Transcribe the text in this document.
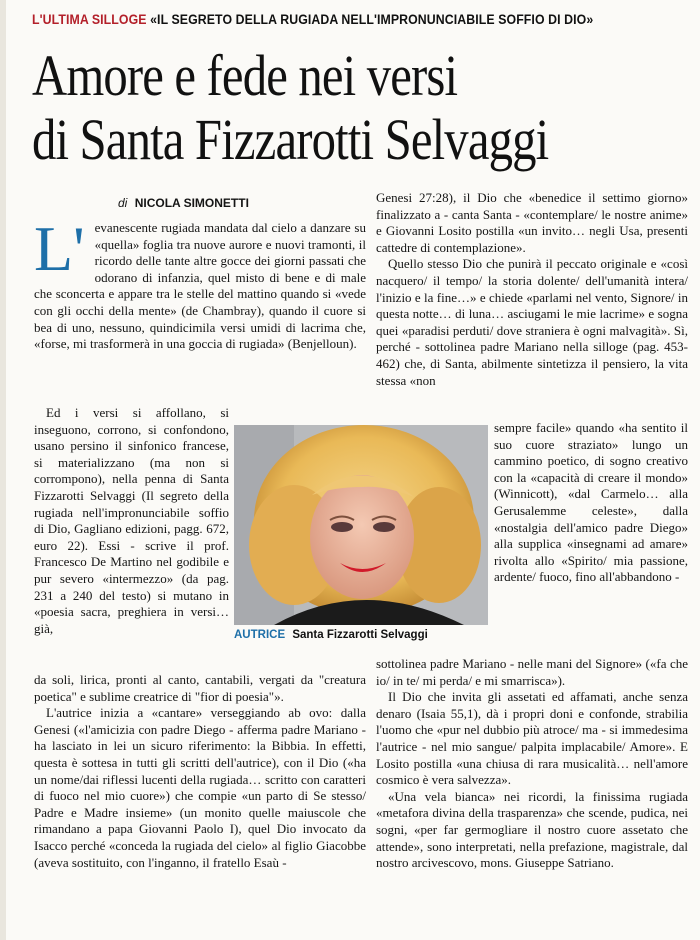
L'ULTIMA SILLOGE «IL SEGRETO DELLA RUGIADA NELL'IMPRONUNCIABILE SOFFIO DI DIO»
Amore e fede nei versi
di Santa Fizzarotti Selvaggi
di NICOLA SIMONETTI

L' evanescente rugiada mandata dal cielo a danzare su «quella» foglia tra nuove aurore e nuovi tramonti, il ricordo delle tante altre gocce dei giorni passati che odorano di infanzia, quel misto di bene e di male che sconcerta e appare tra le stelle del mattino quando si «vede con gli occhi della mente» (de Chambray), quando il cuore si bea di uno, nessuno, quindicimila versi umidi di lacrima che, «forse, mi trasformerà in una goccia di rugiada» (Benjelloun).

Ed i versi si affollano, si inseguono, corrono, si confondono, usano persino il sinfonico francese, si materializzano (ma non si corrompono), nella penna di Santa Fizzarotti Selvaggi (Il segreto della rugiada nell'impronunciabile soffio di Dio, Gagliano edizioni, pagg. 672, euro 22). Essi - scrive il prof. Francesco De Martino nel godibile e pur severo «intermezzo» (da pag. 231 a 240 del testo) si mutano in «poesia sacra, preghiera in versi… già,

da soli, lirica, pronti al canto, cantabili, vergati da "creatura poetica" e sublime creatrice di "fior di poesia"».

L'autrice inizia a «cantare» verseggiando ab ovo: dalla Genesi («l'amicizia con padre Diego - afferma padre Mariano - ha lasciato in lei un sicuro riferimento: la Bibbia. In effetti, questa è sottesa in tutti gli scritti dell'autrice), con il Dio («ha un nome/dai riflessi lucenti della rugiada… scritto con caratteri di fuoco nel mio cuore») che compie «un parto di Se stesso/ Padre e Madre insieme» (un monito quelle maiuscole che rimandano a papa Giovanni Paolo I), quel Dio invocato da Isacco perché «conceda la rugiada del cielo» al figlio Giacobbe (aveva sostituito, con l'inganno, il fratello Esaù -

AUTRICE Santa Fizzarotti Selvaggi

Genesi 27:28), il Dio che «benedice il settimo giorno» finalizzato a - canta Santa - «contemplare/ le nostre anime» e Giovanni Losito postilla «un invito… negli Usa, presenti cattedre di contemplazione».

Quello stesso Dio che punirà il peccato originale e «così nacquero/ il tempo/ la storia dolente/ dell'umanità intera/ l'inizio e la fine…» e chiede «parlami nel vento, Signore/ in questa notte… di luna… asciugami le mie lacrime» e sogna quei «paradisi perduti/ dove straniera è ogni malvagità». Sì, perché - sottolinea padre Mariano nella silloge (pag. 453-462) che, di Santa, abilmente sintetizza il pensiero, la vita stessa «non

sempre facile» quando «ha sentito il suo cuore straziato» lungo un cammino poetico, di sogno creativo con la «capacità di creare il mondo» (Winnicott), «dal Carmelo… alla Gerusalemme celeste», dalla «nostalgia dell'amico padre Diego» alla supplica «insegnami ad amare» rivolta allo «Spirito/ mia passione, ardente/ fuoco, fino all'abbandono -

sottolinea padre Mariano - nelle mani del Signore» («fa che io/ in te/ mi perda/ e mi smarrisca»).

Il Dio che invita gli assetati ed affamati, anche senza denaro (Isaia 55,1), dà i propri doni e confonde, strabilia l'uomo che «pur nel dubbio più atroce/ ma - si immedesima l'autrice - nel mio sangue/ palpita implacabile/ Amore». E Losito postilla «una chiusa di rara musicalità… nell'amore cosmico è vera salvezza».

«Una vela bianca» nei ricordi, la finissima rugiada «metafora divina della trasparenza» che scende, pudica, nei sogni, «per far germogliare il nostro cuore assetato che attende», sono interpretati, nella prefazione, magistrale, dal nostro arcivescovo, mons. Giuseppe Satriano.
